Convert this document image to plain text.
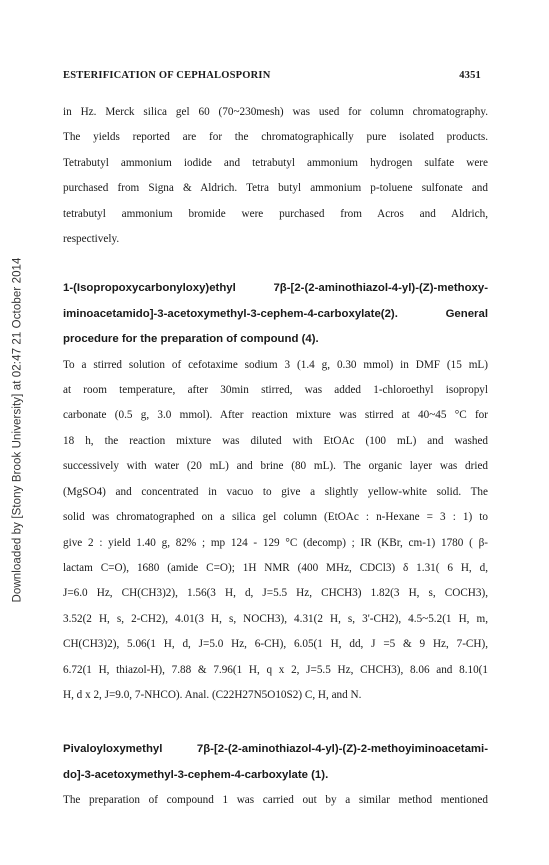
Downloaded by [Stony Brook University] at 02:47 21 October 2014
ESTERIFICATION OF CEPHALOSPORIN	4351

in Hz. Merck silica gel 60 (70~230mesh) was used for column chromatography.
The yields reported are for the chromatographically pure isolated products.
Tetrabutyl ammonium iodide and tetrabutyl ammonium hydrogen sulfate were
purchased from Signa & Aldrich. Tetra butyl ammonium p-toluene sulfonate and
tetrabutyl ammonium bromide were purchased from Acros and Aldrich,
respectively.

1-(Isopropoxycarbonyloxy)ethyl 7β-[2-(2-aminothiazol-4-yl)-(Z)-methoxy-
iminoacetamido]-3-acetoxymethyl-3-cephem-4-carboxylate(2). General
procedure for the preparation of compound (4).

To a stirred solution of cefotaxime sodium 3 (1.4 g, 0.30 mmol) in DMF (15 mL)
at room temperature, after 30min stirred, was added 1-chloroethyl isopropyl
carbonate (0.5 g, 3.0 mmol). After reaction mixture was stirred at 40~45 °C for
18 h, the reaction mixture was diluted with EtOAc (100 mL) and washed
successively with water (20 mL) and brine (80 mL). The organic layer was dried
(MgSO4) and concentrated in vacuo to give a slightly yellow-white solid. The
solid was chromatographed on a silica gel column (EtOAc : n-Hexane = 3 : 1) to
give 2 : yield 1.40 g, 82% ; mp 124 - 129 °C (decomp) ; IR (KBr, cm-1) 1780 ( β-
lactam C=O), 1680 (amide C=O); 1H NMR (400 MHz, CDCl3) δ 1.31( 6 H, d,
J=6.0 Hz, CH(CH3)2), 1.56(3 H, d, J=5.5 Hz, CHCH3) 1.82(3 H, s, COCH3),
3.52(2 H, s, 2-CH2), 4.01(3 H, s, NOCH3), 4.31(2 H, s, 3'-CH2), 4.5~5.2(1 H, m,
CH(CH3)2), 5.06(1 H, d, J=5.0 Hz, 6-CH), 6.05(1 H, dd, J =5 & 9 Hz, 7-CH),
6.72(1 H, thiazol-H), 7.88 & 7.96(1 H, q x 2, J=5.5 Hz, CHCH3), 8.06 and 8.10(1
H, d x 2, J=9.0, 7-NHCO). Anal. (C22H27N5O10S2) C, H, and N.

Pivaloyloxymethyl 7β-[2-(2-aminothiazol-4-yl)-(Z)-2-methoyiminoacetami-
do]-3-acetoxymethyl-3-cephem-4-carboxylate (1).

The preparation of compound 1 was carried out by a similar method mentioned
